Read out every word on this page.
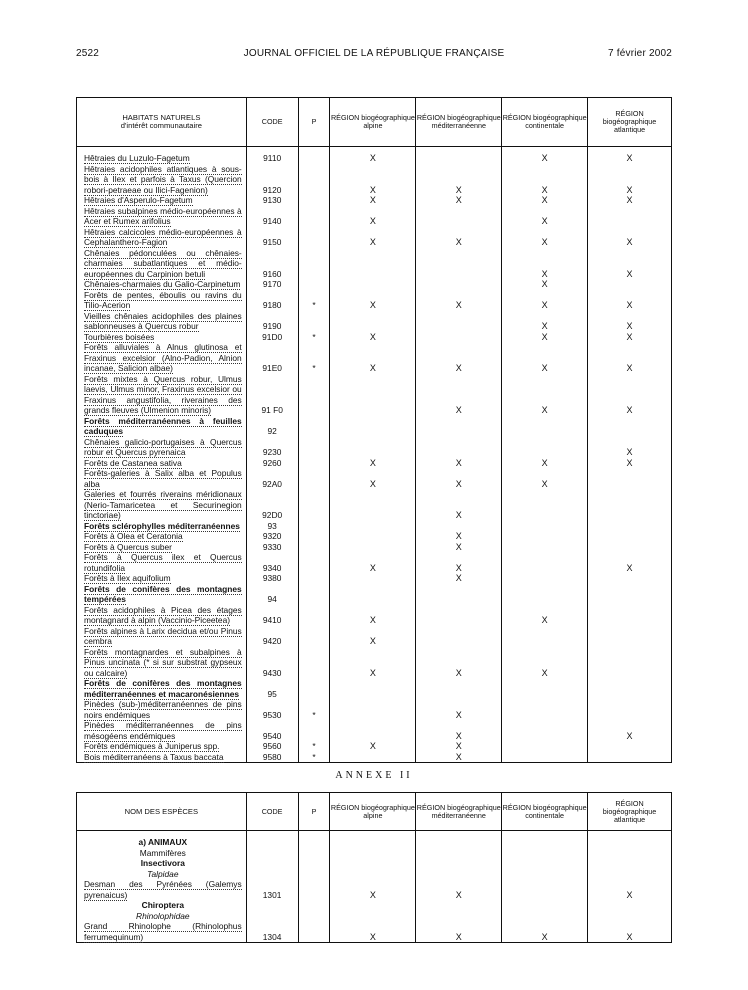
2522	JOURNAL OFFICIEL DE LA RÉPUBLIQUE FRANÇAISE	7 février 2002
HABITATS NATURELS
d'intérêt communautaire	CODE	P	RÉGION biogéographique alpine	RÉGION biogéographique méditerranéenne	RÉGION biogéographique continentale	RÉGION biogéographique atlantique

Hêtraies du Luzulo-Fagetum	9110		X		X	X
Hêtraies acidophiles atlantiques à sous-bois à Ilex et parfois à Taxus (Quercion robori-petraeae ou Ilici-Fagenion)	9120		X	X	X	X
Hêtraies d'Asperulo-Fagetum	9130		X	X	X	X
Hêtraies subalpines médio-européennes à Acer et Rumex arifolius	9140		X		X	
Hêtraies calcicoles médio-européennes à Cephalanthero-Fagion	9150		X	X	X	X
Chênaies pédonculées ou chênaies-charmaies subatlantiques et médio-européennes du Carpinion betuli	9160				X	X
Chênaies-charmaies du Galio-Carpinetum	9170				X	
Forêts de pentes, éboulis ou ravins du Tilio-Acerion	9180	*	X	X	X	X
Vieilles chênaies acidophiles des plaines sablonneuses à Quercus robur	9190				X	X
Tourbières boisées	91D0	*	X		X	X
Forêts alluviales à Alnus glutinosa et Fraxinus excelsior (Alno-Padion, Alnion incanae, Salicion albae)	91E0	*	X	X	X	X
Forêts mixtes à Quercus robur, Ulmus laevis, Ulmus minor, Fraxinus excelsior ou Fraxinus angustifolia, riveraines des grands fleuves (Ulmenion minoris)	91 F0			X	X	X
Forêts méditerranéennes à feuilles caduques	92					
Chênaies galicio-portugaises à Quercus robur et Quercus pyrenaica	9230					X
Forêts de Castanea sativa	9260		X	X	X	X
Forêts-galeries à Salix alba et Populus alba	92A0		X	X	X	
Galeries et fourrés riverains méridionaux (Nerio-Tamaricetea et Securinegion tinctoriae)	92D0			X		
Forêts sclérophylles méditerranéennes	93					
Forêts à Olea et Ceratonia	9320			X		
Forêts à Quercus suber	9330			X		
Forêts à Quercus ilex et Quercus rotundifolia	9340		X	X		X
Forêts à Ilex aquifolium	9380			X		
Forêts de conifères des montagnes tempérées	94					
Forêts acidophiles à Picea des étages montagnard à alpin (Vaccinio-Piceetea)	9410		X		X	
Forêts alpines à Larix decidua et/ou Pinus cembra	9420		X			
Forêts montagnardes et subalpines à Pinus uncinata (* si sur substrat gypseux ou calcaire)	9430		X	X	X	
Forêts de conifères des montagnes méditerranéennes et macaronésiennes	95					
Pinèdes (sub-)méditerranéennes de pins noirs endémiques	9530	*		X		
Pinèdes méditerranéennes de pins mésogéens endémiques	9540			X		X
Forêts endémiques à Juniperus spp.	9560	*	X	X		
Bois méditerranéens à Taxus baccata	9580	*		X		
ANNEXE II
NOM DES ESPÈCES	CODE	P	RÉGION biogéographique alpine	RÉGION biogéographique méditerranéenne	RÉGION biogéographique continentale	RÉGION biogéographique atlantique

a) ANIMAUX
Mammifères
Insectivora
Talpidae						

Desman des Pyrénées (Galemys pyrenaicus)	1301		X	X		X

Chiroptera
Rhinolophidae						

Grand Rhinolophe (Rhinolophus ferrumequinum)	1304		X	X	X	X
